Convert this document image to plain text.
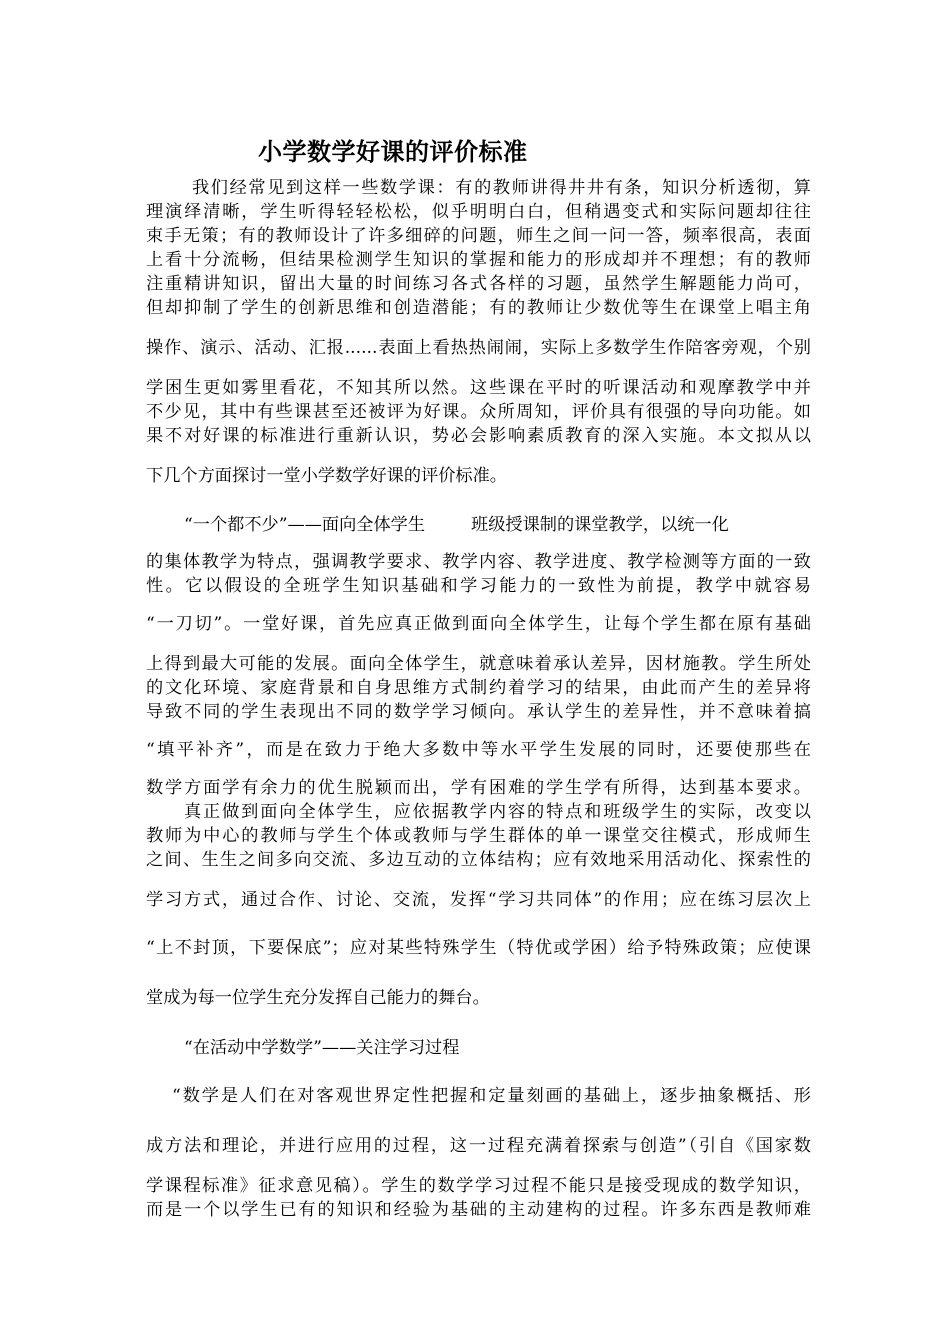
小学数学好课的评价标准
我们经常见到这样一些数学课：有的教师讲得井井有条，知识分析透彻，算
理演绎清晰，学生听得轻轻松松，似乎明明白白，但稍遇变式和实际问题却往往
束手无策；有的教师设计了许多细碎的问题，师生之间一问一答，频率很高，表面
上看十分流畅，但结果检测学生知识的掌握和能力的形成却并不理想；有的教师
注重精讲知识，留出大量的时间练习各式各样的习题，虽然学生解题能力尚可，
但却抑制了学生的创新思维和创造潜能；有的教师让少数优等生在课堂上唱主角
操作、演示、活动、汇报......表面上看热热闹闹，实际上多数学生作陪客旁观，个别
学困生更如雾里看花，不知其所以然。这些课在平时的听课活动和观摩教学中并
不少见，其中有些课甚至还被评为好课。众所周知，评价具有很强的导向功能。如
果不对好课的标准进行重新认识，势必会影响素质教育的深入实施。本文拟从以
下几个方面探讨一堂小学数学好课的评价标准。
“一个都不少”——面向全体学生	班级授课制的课堂教学，以统一化
的集体教学为特点，强调教学要求、教学内容、教学进度、教学检测等方面的一致
性。它以假设的全班学生知识基础和学习能力的一致性为前提，教学中就容易
“一刀切”。一堂好课，首先应真正做到面向全体学生，让每个学生都在原有基础
上得到最大可能的发展。面向全体学生，就意味着承认差异，因材施教。学生所处
的文化环境、家庭背景和自身思维方式制约着学习的结果，由此而产生的差异将
导致不同的学生表现出不同的数学学习倾向。承认学生的差异性，并不意味着搞
“填平补齐”，而是在致力于绝大多数中等水平学生发展的同时，还要使那些在
数学方面学有余力的优生脱颖而出，学有困难的学生学有所得，达到基本要求。
真正做到面向全体学生，应依据教学内容的特点和班级学生的实际，改变以
教师为中心的教师与学生个体或教师与学生群体的单一课堂交往模式，形成师生
之间、生生之间多向交流、多边互动的立体结构；应有效地采用活动化、探索性的
学习方式，通过合作、讨论、交流，发挥“学习共同体”的作用；应在练习层次上
“上不封顶，下要保底”；应对某些特殊学生（特优或学困）给予特殊政策；应使课
堂成为每一位学生充分发挥自己能力的舞台。
“在活动中学数学”——关注学习过程
“数学是人们在对客观世界定性把握和定量刻画的基础上，逐步抽象概括、形
成方法和理论，并进行应用的过程，这一过程充满着探索与创造”（引自《国家数
学课程标准》征求意见稿）。学生的数学学习过程不能只是接受现成的数学知识，
而是一个以学生已有的知识和经验为基础的主动建构的过程。许多东西是教师难
